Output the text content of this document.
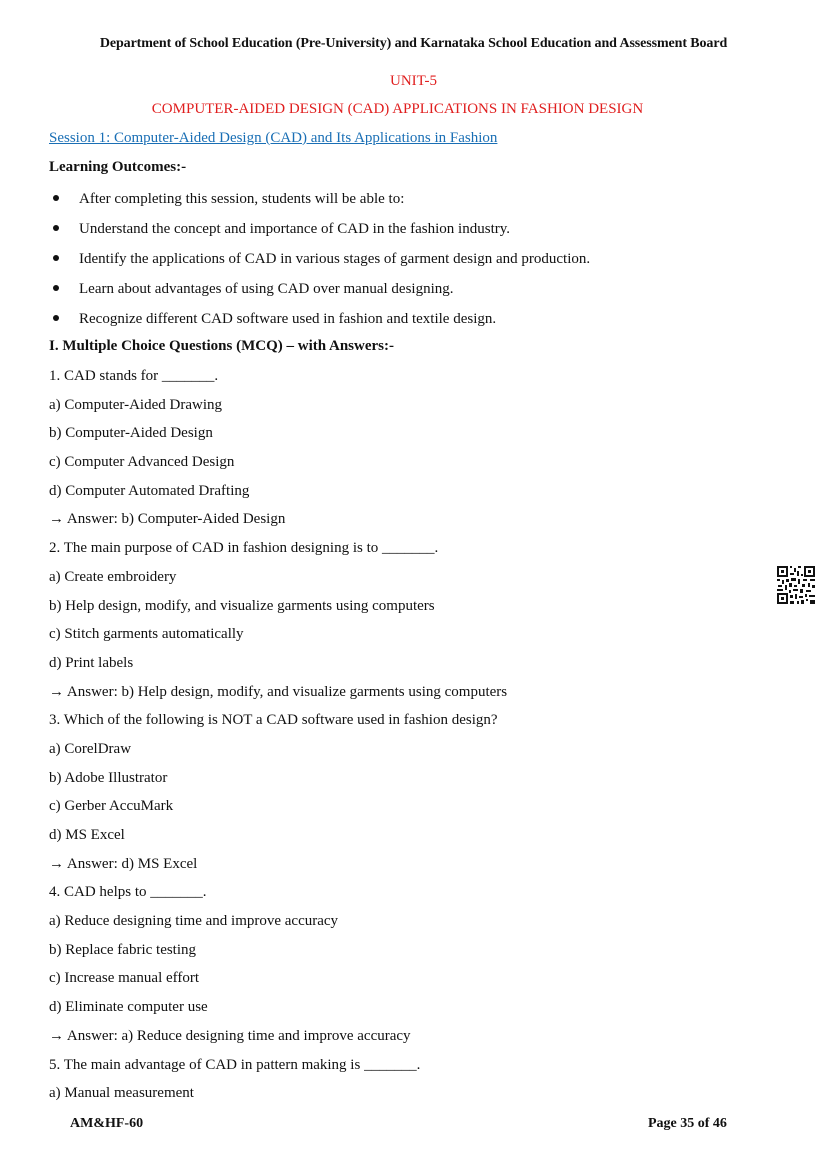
Department of School Education (Pre-University) and Karnataka School Education and Assessment Board
UNIT-5
COMPUTER-AIDED DESIGN (CAD) APPLICATIONS IN FASHION DESIGN
Session 1: Computer-Aided Design (CAD) and Its Applications in Fashion
Learning Outcomes:-
After completing this session, students will be able to:
Understand the concept and importance of CAD in the fashion industry.
Identify the applications of CAD in various stages of garment design and production.
Learn about advantages of using CAD over manual designing.
Recognize different CAD software used in fashion and textile design.
I. Multiple Choice Questions (MCQ) – with Answers:-
1. CAD stands for _______.
a) Computer-Aided Drawing
b) Computer-Aided Design
c) Computer Advanced Design
d) Computer Automated Drafting
→ Answer: b) Computer-Aided Design
2. The main purpose of CAD in fashion designing is to _______.
a) Create embroidery
b) Help design, modify, and visualize garments using computers
c) Stitch garments automatically
d) Print labels
→ Answer: b) Help design, modify, and visualize garments using computers
3. Which of the following is NOT a CAD software used in fashion design?
a) CorelDraw
b) Adobe Illustrator
c) Gerber AccuMark
d) MS Excel
→ Answer: d) MS Excel
4. CAD helps to _______.
a) Reduce designing time and improve accuracy
b) Replace fabric testing
c) Increase manual effort
d) Eliminate computer use
→ Answer: a) Reduce designing time and improve accuracy
5. The main advantage of CAD in pattern making is _______.
a) Manual measurement
AM&HF-60	Page 35 of 46
